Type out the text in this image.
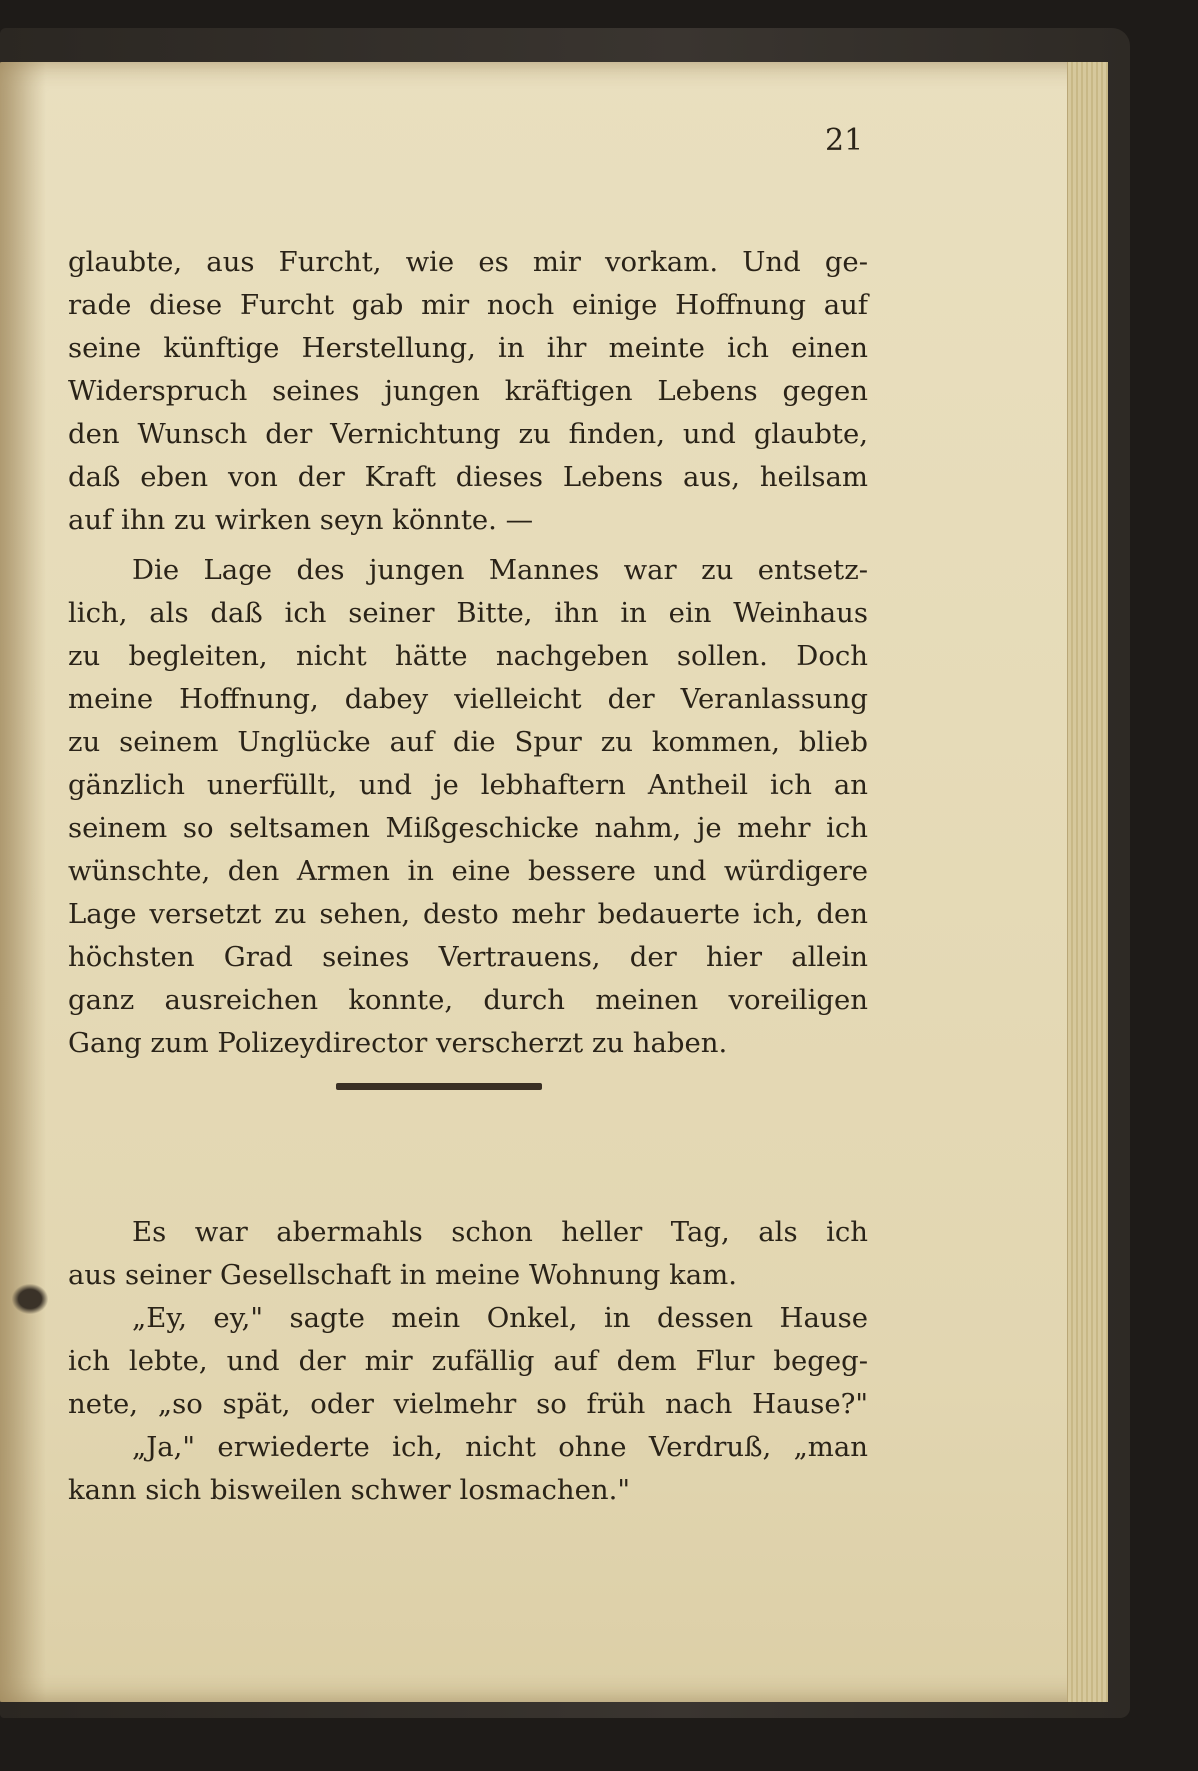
21
glaubte, aus Furcht, wie es mir vorkam. Und ge-
rade diese Furcht gab mir noch einige Hoffnung auf
seine künftige Herstellung, in ihr meinte ich einen
Widerspruch seines jungen kräftigen Lebens gegen
den Wunsch der Vernichtung zu finden, und glaubte,
daß eben von der Kraft dieses Lebens aus, heilsam
auf ihn zu wirken seyn könnte. —
Die Lage des jungen Mannes war zu entsetz-
lich, als daß ich seiner Bitte, ihn in ein Weinhaus
zu begleiten, nicht hätte nachgeben sollen. Doch
meine Hoffnung, dabey vielleicht der Veranlassung
zu seinem Unglücke auf die Spur zu kommen, blieb
gänzlich unerfüllt, und je lebhaftern Antheil ich an
seinem so seltsamen Mißgeschicke nahm, je mehr ich
wünschte, den Armen in eine bessere und würdigere
Lage versetzt zu sehen, desto mehr bedauerte ich, den
höchsten Grad seines Vertrauens, der hier allein
ganz ausreichen konnte, durch meinen voreiligen
Gang zum Polizeydirector verscherzt zu haben.
Es war abermahls schon heller Tag, als ich
aus seiner Gesellschaft in meine Wohnung kam.
„Ey, ey," sagte mein Onkel, in dessen Hause
ich lebte, und der mir zufällig auf dem Flur begeg-
nete, „so spät, oder vielmehr so früh nach Hause?"
„Ja," erwiederte ich, nicht ohne Verdruß, „man
kann sich bisweilen schwer losmachen."
